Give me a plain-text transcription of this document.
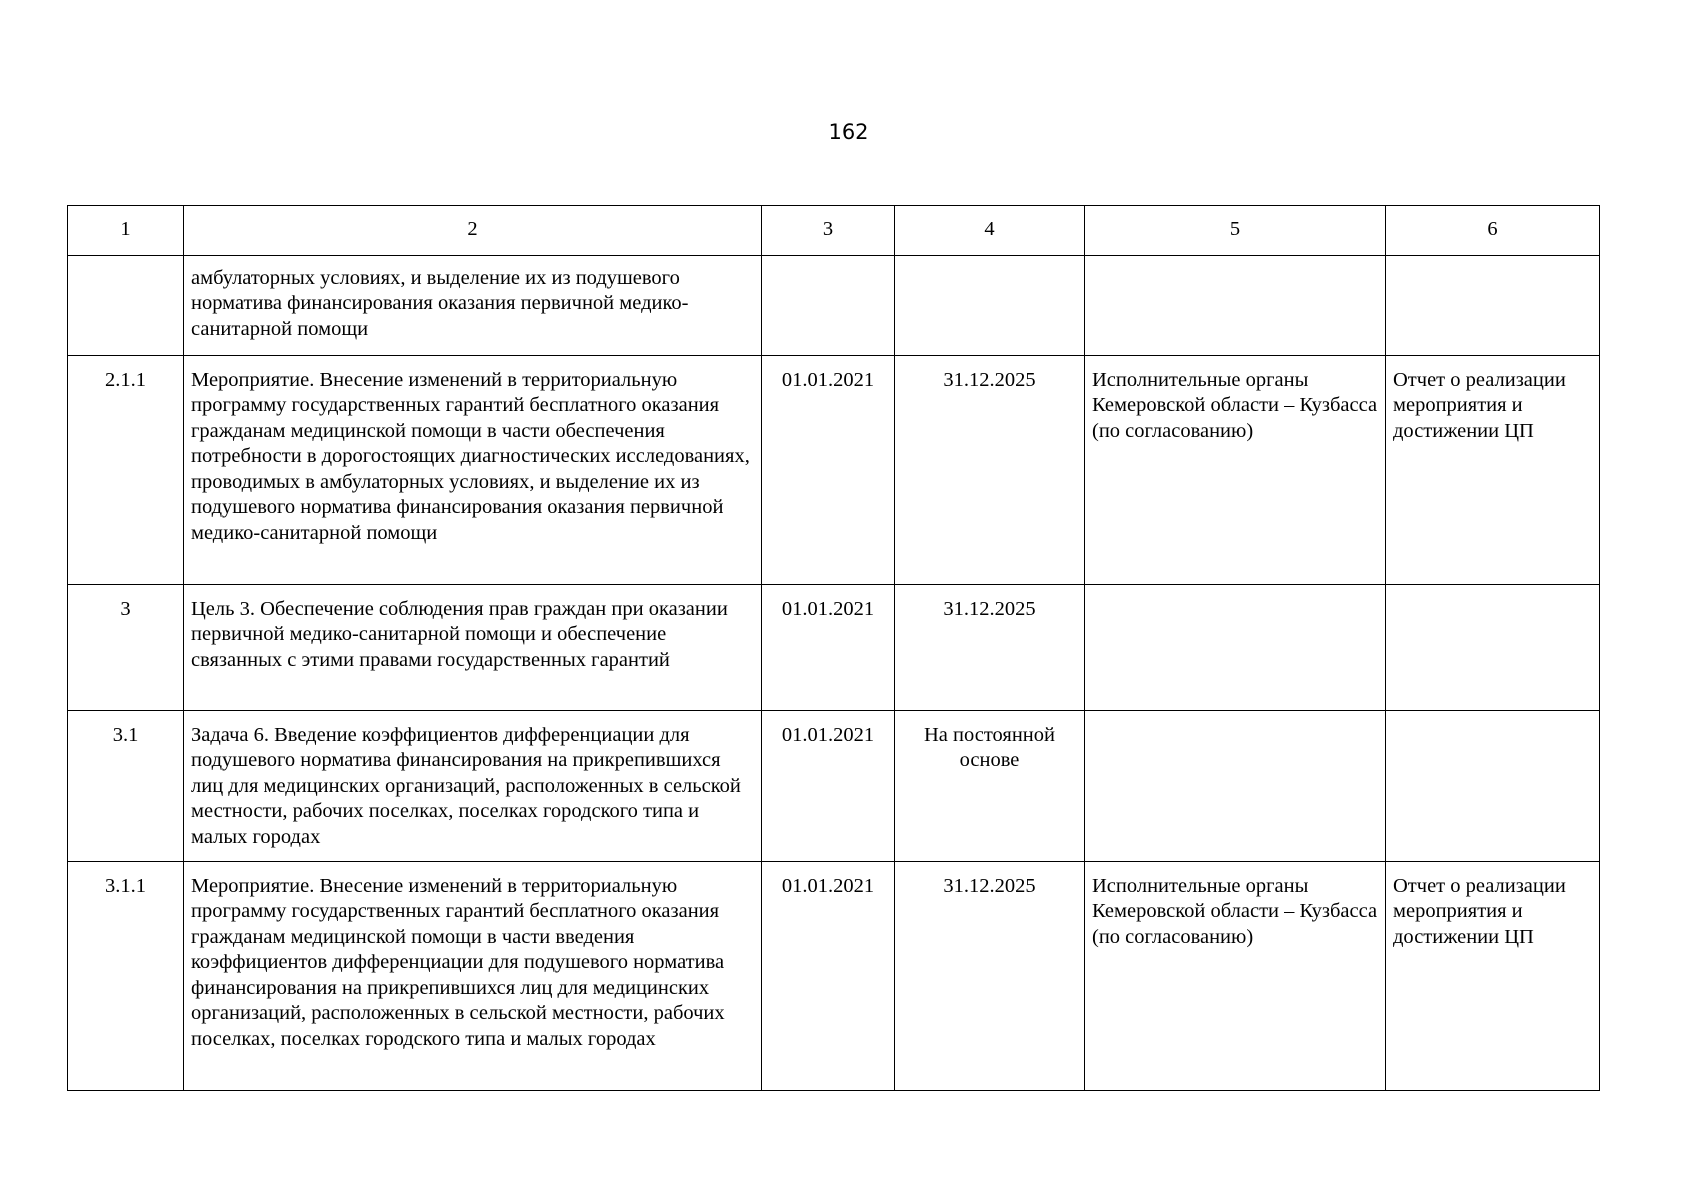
162
1	2	3	4	5	6
	амбулаторных условиях, и выделение их из подушевого норматива финансирования оказания первичной медико-санитарной помощи				
2.1.1	Мероприятие. Внесение изменений в территориальную программу государственных гарантий бесплатного оказания гражданам медицинской помощи в части обеспечения потребности в дорогостоящих диагностических исследованиях, проводимых в амбулаторных условиях, и выделение их из подушевого норматива финансирования оказания первичной медико-санитарной помощи	01.01.2021	31.12.2025	Исполнительные органы Кемеровской области – Кузбасса (по согласованию)	Отчет о реализации мероприятия и достижении ЦП
3	Цель 3. Обеспечение соблюдения прав граждан при оказании первичной медико-санитарной помощи и обеспечение связанных с этими правами государственных гарантий	01.01.2021	31.12.2025		
3.1	Задача 6. Введение коэффициентов дифференциации для подушевого норматива финансирования на прикрепившихся лиц для медицинских организаций, расположенных в сельской местности, рабочих поселках, поселках городского типа и малых городах	01.01.2021	На постоянной основе		
3.1.1	Мероприятие. Внесение изменений в территориальную программу государственных гарантий бесплатного оказания гражданам медицинской помощи в части введения коэффициентов дифференциации для подушевого норматива финансирования на прикрепившихся лиц для медицинских организаций, расположенных в сельской местности, рабочих поселках, поселках городского типа и малых городах	01.01.2021	31.12.2025	Исполнительные органы Кемеровской области – Кузбасса (по согласованию)	Отчет о реализации мероприятия и достижении ЦП
